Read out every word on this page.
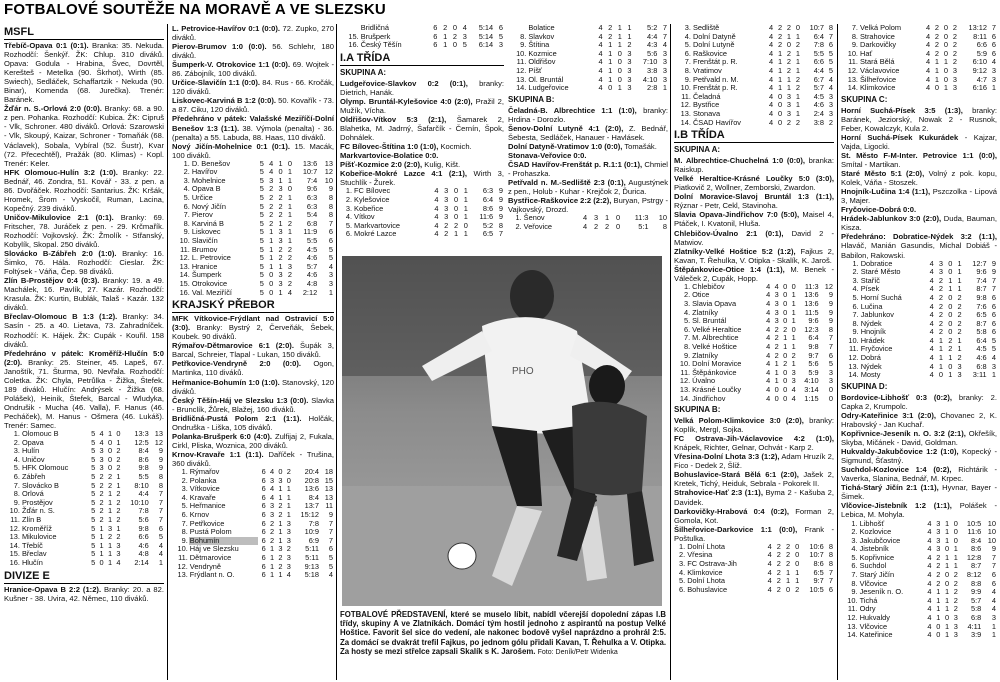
FOTBALOVÉ SOUTĚŽE NA MORAVĚ A VE SLEZSKU
MSFL

Třebíč-Opava 0:1 (0:1). Branka: 35. Nekuda. Rozhodčí: Šenkýř. ŽK: Chlup. 310 diváků. Opava: Godula - Hrabina, Švec, Dovrtěl, Kerešteš - Metelka (90. Škrhot), Wirth (85. Swiech), Sedláček, Schaffartzik - Nekuda (90. Binar), Komenda (68. Jurečka). Trenér: Baránek.

Žďár n. S.-Orlová 2:0 (0:0). Branky: 68. a 90. z pen. Pohanka. Rozhodčí: Kubica. ŽK: Cipruš - Vlk, Schroner. 480 diváků. Orlová: Szarowski - Vlk, Skoupý, Kaizar, Schroner - Tomaňák (68. Václavek), Sobala, Vybíral (52. Šustr), Kvar (72. Přecechtěl), Pražák (80. Klimas) - Kopl. Trenér: Keler.

HFK Olomouc-Hulín 3:2 (1:0). Branky: 22. Bednář, 46. Zondra, 51. Kovář - 33. z pen. a 86. Dvořáček. Rozhodčí: Santarius. ŽK: Kršák, Hromek, Šrom - Vyskočil, Ruman, Lacina, Kopečný. 239 diváků.

Uničov-Mikulovice 2:1 (0:1). Branky: 69. Fritscher, 78. Juráček z pen. - 29. Krčmařík. Rozhodčí: Vojkovský. ŽK: Žmolík - Střanský, Kobylík, Skopal. 250 diváků.

Slovácko B-Zábřeh 2:0 (1:0). Branky: 16. Šimko, 76. Hála. Rozhodčí: Cieslar. ŽK: Foltýsek - Váňa, Čep. 98 diváků.

Zlín B-Prostějov 0:4 (0:3). Branky: 19. a 49. Machálek, 16. Pavlík, 27. Kazár. Rozhodčí: Krasula. ŽK: Kurtin, Bublák, Talaš - Kazár. 132 diváků.

Břeclav-Olomouc B 1:3 (1:2). Branky: 34. Sasín - 25. a 40. Lietava, 73. Zahradníček. Rozhodčí: K. Hájek. ŽK: Cupák - Kouřil. 158 diváků.

Předehráno v pátek: Kroměříž-Hlučín 5:0 (2:0). Branky: 25. Steiner, 45. Lapeš, 67. Janoštík, 71. Šturma, 90. Nevřala. Rozhodčí: Coletka. ŽK: Chyla, Petrůlka - Žižka, Štefek. 189 diváků. Hlučín: Andrýsek - Žižka (68. Polášek), Heinik, Štefek, Barcal - Wludyka, Ondrušik - Mucha (46. Valla), F. Hanus (46. Pecháček), M. Hanus - Ošmera (46. Lukáš). Trenér: Samec.

1.	Olomouc B	5	4	1	0	13:3	13
2.	Opava	5	4	0	1	12:5	12
3.	Hulín	5	3	0	2	8:4	9
4.	Uničov	5	3	0	2	8:6	9
5.	HFK Olomouc	5	3	0	2	9:8	9
6.	Zábřeh	5	2	2	1	5:5	8
7.	Slovácko B	5	2	2	1	8:10	8
8.	Orlová	5	2	1	2	4:4	7
9.	Prostějov	5	2	1	2	10:10	7
10.	Žďár n. S.	5	2	1	2	7:8	7
11.	Zlín B	5	2	1	2	5:6	7
12.	Kroměříž	5	1	3	1	9:8	6
13.	Mikulovice	5	1	2	2	6:6	5
14.	Třebíč	5	1	1	3	4:6	4
15.	Břeclav	5	1	1	3	4:8	4
16.	Hlučín	5	0	1	4	2:14	1
DIVIZE E

Hranice-Opava B 2:2 (1:2). Branky: 20. a 82. Kušner - 38. Uvira, 42. Němec, 110 diváků.

L. Petrovice-Havířov 0:1 (0:0). 72. Zupko, 270 diváků.

Pierov-Brumov 1:0 (0:0). 56. Schlehr, 180 diváků.

Šumperk-V. Otrokovice 1:1 (0:0). 69. Wojtek - 86. Zábojník, 100 diváků.

Určice-Slavičín 1:1 (0:0). 84. Rus - 66. Kročák, 120 diváků.

Liskovec-Karviná B 1:2 (0:0). 50. Kovařík - 73. a 87. Ciku, 120 diváků.

Předehráno v pátek: Valašské Meziříčí-Dolní Benešov 1:3 (1:1). 38. Výmola (penalta) - 36. (penalta) a 55. Labuda, 88. Haas, 110 diváků.

Nový Jičín-Mohelnice 0:1 (0:1). 15. Macák, 100 diváků.

1.	D. Benešov	5	4	1	0	13:6	13
2.	Havířov	5	4	0	1	10:7	12
3.	Mohelnice	5	3	1	1	7:4	10
4.	Opava B	5	2	3	0	9:6	9
5.	Určice	5	2	2	1	6:3	8
6.	Nový Jičín	5	2	2	1	6:3	8
7.	Pierov	5	2	2	1	5:4	8
8.	Karviná B	5	2	1	2	6:8	7
9.	Liskovec	5	1	3	1	11:9	6
10.	Slavičín	5	1	3	1	5:5	6
11.	Brumov	5	1	2	2	4:5	5
12.	L. Petrovice	5	1	2	2	4:6	5
13.	Hranice	5	1	1	3	5:7	4
14.	Šumperk	5	0	3	2	4:6	3
15.	Otrokovice	5	0	3	2	4:8	3
16.	Val. Meziříčí	5	0	1	4	2:12	1
KRAJSKÝ PŘEBOR

MFK Vítkovice-Frýdlant nad Ostravicí 5:0 (3:0). Branky: Bystrý 2, Červeňák, Šebek, Koubek. 90 diváků.

Rýmařov-Dětmarovice 6:1 (2:0). Šupák 3, Barcal, Schreier, Tlapal - Lukan, 150 diváků.

Petřkovice-Vendryně 2:0 (0:0). Ogon, Martinka, 110 diváků.

Heřmanice-Bohumín 1:0 (1:0). Stanovský, 120 diváků.

Český Těšín-Háj ve Slezsku 1:3 (0:0). Slavka - Bruncl​ík, Žůrek, Blažej, 160 diváků.

Bridličná-Pustá Polom 2:1 (1:1). Holčák, Ondruška - Liška, 105 diváků.

Polanka-Brušperk 6:0 (4:0). Zulfijaj 2, Fukala, Cirkl, Pliska, Woznica, 200 diváků.

Krnov-Kravaře 1:1 (1:1). Daříček - Trušina, 360 diváků.

1.	Rýmařov	6	4	0	2	20:4	18
2.	Polanka	6	3	3	0	20:8	15
3.	Vítkovice	6	4	1	1	13:6	13
4.	Kravaře	6	4	1	1	8:4	13
5.	Heřmanice	6	3	2	1	13:7	11
6.	Krnov	6	3	2	1	15:12	9
7.	Petřkovice	6	2	1	3	7:8	7
8.	Pustá Polom	6	2	1	3	10:9	7
9.	Bohumín	6	2	1	3	6:9	7
10.	Háj ve Slezsku	6	1	3	2	5:11	6
11.	Dětmarovice	6	1	2	3	5:11	5
12.	Vendryně	6	1	2	3	9:13	5
13.	Frýdlant n. O.	6	1	1	4	5:18	4
	Bridličná	6	2	0	4	5:14	6
15.	Brušperk	6	1	2	3	5:14	5
16.	Český Těšín	6	1	0	5	6:14	3
I.A TŘÍDA
SKUPINA A:

Ludgeřovice-Slavkov 0:2 (0:1), branky: Dietrich, Hanák.

Olymp. Bruntál-Kylešovice 4:0 (2:0), Pražil 2, Mužík, Vícha.

Oldřišov-Vítkov 5:3 (2:1), Šamarek 2, Blahetka, M. Jadrný, Šafarčík - Černín, Špok, Dohnálek.

FC Bílovec-Štítina 1:0 (1:0), Kocmich.

Markvartovice-Bolatice 0:0.

Píšť-Kozmice 2:0 (2:0), Kulig, Kišt.

Kobeřice-Mokré Lazce 4:1 (2:1), Wirth 3, Stuchlík - Žurek.

1.	FC Bílovec	4	3	0	1	6:3	9
2.	Kylešovice	4	3	0	1	6:4	9
3.	Kobeřice	4	3	0	1	8:6	9
4.	Vítkov	4	3	0	1	11:6	9
5.	Markvartovice	4	2	2	0	5:2	8
6.	Mokré Lazce	4	2	1	1	6:5	7
	Bolatice	4	2	1	1	5:2	7
8.	Slavkov	4	2	1	1	4:4	7
9.	Štítina	4	1	1	2	4:3	4
10.	Kozmice	4	1	0	3	5:6	3
11.	Oldřišov	4	1	0	3	7:10	3
12.	Píšť	4	1	0	3	3:8	3
13.	Ol. Bruntál	4	1	0	3	4:10	3
14.	Ludgeřovice	4	0	1	3	2:8	1
SKUPINA B:

Čeladná-B. Albrechtice 1:1 (1:0), branky: Hrdina - Dorozlo.

Šenov-Dolní Lutyně 4:1 (2:0), Z. Bednář, Šebesta, Sedláček, Hanauer - Havlásek.

Dolní Datyně-Vratimov 1:0 (0:0), Tomašák.

Stonava-Veřovice 0:0.

ČSAD Havířov-Frenštát p. R.1:1 (0:1), Chmiel - Prohaszka.

Petřvald n. M.-Sedliště 2:3 (0:1), Augustýnek z pen., Holub - Kuhar - Krejčok 2, Ďurica.

Bystřice-Raškovice 2:2 (2:2), Buryan, Pstrgy - Vajkovský, Drozd.

1.	Šenov	4	3	1	0	11:3	10
2.	Veřovice	4	2	2	0	5:1	8
PHO
FOTBALOVÉ PŘEDSTAVENÍ, které se muselo líbit, nabídl včerejší dopolední zápas I.B třídy, skupiny A ve Zlatníkách. Domácí tým hostil jednoho z aspirantů na postup Velké Hoštice. Favorit šel sice do vedení, ale nakonec bodově vyšel naprázdno a prohrál 2:5. Za domácí se dvakrát trefil Fajkus, po jednom gólu přidali Kavan, T. Řehulka a V. Otipka. Za hosty se mezi střelce zapsali Skalík s K. Jarošem. Foto: Deník/Petr Widenka
3.	Sedliště	4	2	2	0	10:7	8
4.	Dolní Datyně	4	2	1	1	6:4	7
5.	Dolní Lutyně	4	2	0	2	7:8	6
6.	Raškovice	4	1	2	1	5:5	5
7.	Frenštát p. R.	4	1	2	1	6:6	5
8.	Vratimov	4	1	2	1	4:4	5
9.	Petřvald n. M.	4	1	1	2	6:7	4
10.	Frenštát p. R.	4	1	1	2	5:7	4
11.	Čeladná	4	0	3	1	4:5	3
12.	Bystřice	4	0	3	1	4:6	3
13.	Stonava	4	0	3	1	2:4	3
14.	ČSAD Havířov	4	0	2	2	3:8	2
I.B TŘÍDA
SKUPINA A:

M. Albrechtice-Chuchelná 1:0 (0:0), branka: Raiskup.

Velké Heraltice-Krásné Loučky 5:0 (3:0), Piatkovič 2, Wollner, Zemborski, Zwardon.

Dolní Moravice-Slavoj Bruntál 1:3 (1:1), Rýznar - Petr, Cekl, Stavinoha.

Slavia Opava-Jindřichov 7:0 (5:0), Maisel 4, Ptáček, I. Kvatonil, Hluša.

Chlebičov-Úvalno 2:1 (0:1), David 2 - Matwiov.

Zlatníky-Velké Hoštice 5:2 (1:2), Fajkus 2, Kavan, T. Řehulka, V. Otipka - Skalík, K. Jaroš.

Štěpánkovice-Otice 1:4 (1:1), M. Benek - Váleček 2, Cupák, Hopp.

1.	Chlebičov	4	4	0	0	11:3	12
2.	Otice	4	3	0	1	13:6	9
3.	Slavia Opava	4	3	0	1	13:6	9
4.	Zlatníky	4	3	0	1	11:5	9
5.	Sl. Bruntál	4	3	0	1	9:6	9
6.	Velké Heraltice	4	2	2	0	12:3	8
7.	M. Albrechtice	4	2	1	1	6:4	7
8.	Velké Hoštice	4	2	1	1	9:8	7
9.	Zlatníky	4	2	0	2	9:7	6
10.	Dolní Moravice	4	1	2	1	5:6	5
11.	Štěpánkovice	4	1	0	3	5:9	3
12.	Úvalno	4	1	0	3	4:10	3
13.	Krásné Loučky	4	0	0	4	3:14	0
14.	Jindřichov	4	0	0	4	1:15	0
SKUPINA B:

Velká Polom-Klimkovice 3:0 (2:0), branky: Koplík, Mergl, Sojka.

FC Ostrava-Jih-Václavovice 4:2 (1:0), Knápek, Richter, Gelnar, Ochvát - Karp 2.

Vřesina-Dolní Lhota 3:3 (1:2), Adam Hruzík 2, Fico - Dedek 2, Šliž.

Bohuslavice-Stará Bělá 6:1 (2:0), Jašek 2, Kretek, Tichý, Heiduk, Sebrala - Pokorek II.

Strahovice-Hať 2:3 (1:1), Byma 2 - Kašuba 2, Davidek.

Darkovičky-Hrabová 0:4 (0:2), Forman 2, Gomola, Kot.

Šilheřovice-Darkovice 1:1 (0:0), Frank - Poštulka.

1.	Dolní Lhota	4	2	2	0	10:6	8
2.	Vřesina	4	2	2	0	10:7	8
3.	FC Ostrava-Jih	4	2	2	0	8:6	8
4.	Klimkovice	4	2	1	1	6:5	7
5.	Dolní Lhota	4	2	1	1	9:7	7
6.	Bohuslavice	4	2	0	2	10:5	6
7.	Velká Polom	4	2	0	2	13:12	7
8.	Strahovice	4	2	0	2	8:11	6
9.	Darkovičky	4	2	0	2	6:6	6
10.	Hať	4	2	0	2	5:9	6
11.	Stará Bělá	4	1	1	2	6:10	4
12.	Václavovice	4	1	0	3	9:12	3
13.	Šilheřovice	4	1	0	3	4:7	3
14.	Klimkovice	4	0	1	3	6:16	1
SKUPINA C:

Horní Suchá-Písek 3:5 (1:3), branky: Baránek, Jeziorský, Nowak 2 - Rusnok, Feber, Kowalczyk, Kula 2.

Horní Suchá-Písek Kukurádek - Kajzar, Vajda, Ligocki.

St. Město F-M-Inter. Petrovice 1:1 (0:0), Smítal - Martikan.

Staré Město 5:1 (2:0), Volný z pok. kopu, Kolek, Váňa - Stoszek.

Hnojník-Lučina 1:4 (1:1), Pszczolka - Lipová 3, Majer.

Fryčovice-Dobrá 0:0.

Hrádek-Jablunkov 3:0 (2:0), Duda, Bauman, Kisza.

Předehráno: Dobratice-Nýdek 3:2 (1:1), Hlaváč, Manián Gasundis, Michal Dobiáš - Babilon, Rakowski.

1.	Dobratice	4	3	0	1	12:7	9
2.	Staré Město	4	3	0	1	9:6	9
3.	Staříč	4	2	1	1	7:4	7
4.	Písek	4	2	1	1	8:7	7
5.	Horní Suchá	4	2	0	2	9:8	6
6.	Lučina	4	2	0	2	7:6	6
7.	Jablunkov	4	2	0	2	6:5	6
8.	Nýdek	4	2	0	2	8:7	6
9.	Hnojník	4	2	0	2	5:8	6
10.	Hrádek	4	1	2	1	6:4	5
11.	Fryčovice	4	1	2	1	4:5	5
12.	Dobrá	4	1	1	2	4:6	4
13.	Nýdek	4	1	0	3	6:8	3
14.	Mosty	4	0	1	3	3:11	1
SKUPINA D:

Bordovice-Libhošť 0:3 (0:2), branky: 2. Capka 2, Krumpolc.

Odry-Kateřinice 3:1 (2:0), Chovanec 2, K. Hrabovský - Jan Kuchař.

Kopřivnice-Jeseník n. O. 3:2 (2:1), Okřešík, Skyba, Mičánek - David, Goldman.

Hukvaldy-Jakubčovice 1:2 (1:0), Kopecký - Sigmund, Šťastný.

Suchdol-Kozlovice 1:4 (0:2), Richtárik - Vaverka, Slanina, Bednář, M. Krpec.

Tichá-Starý Jičín 2:1 (1:1), Hyvnar, Bayer - Šimek.

Vlčovice-Jistebník 1:2 (1:1), Polášek - Lebica, M. Mohyla.

1.	Libhošť	4	3	1	0	10:5	10
2.	Kozlovice	4	3	1	0	11:6	10
3.	Jakubčovice	4	3	1	0	8:4	10
4.	Jistebník	4	3	0	1	8:6	9
5.	Kopřivnice	4	2	1	1	12:8	7
6.	Suchdol	4	2	1	1	8:7	7
7.	Starý Jičín	4	2	0	2	8:12	6
8.	Vlčovice	4	2	0	2	8:8	6
9.	Jeseník n. O.	4	1	1	2	9:9	4
10.	Tichá	4	1	1	2	5:7	4
11.	Odry	4	1	1	2	5:8	4
12.	Hukvaldy	4	1	0	3	6:8	3
13.	Vlčovice	4	0	1	3	4:11	1
14.	Kateřinice	4	0	1	3	3:9	1
